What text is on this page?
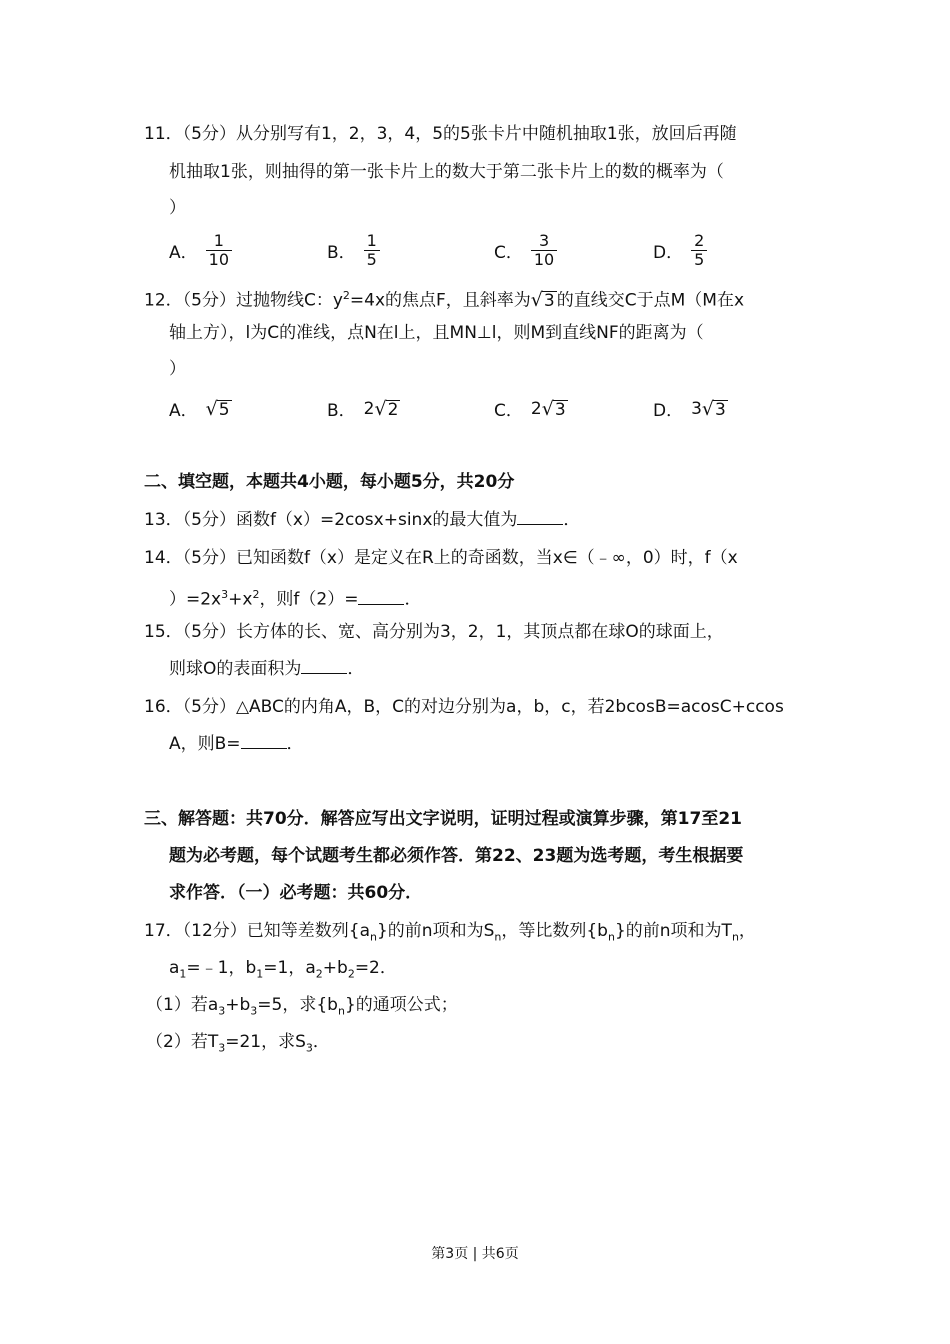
11．（5分）从分别写有1，2，3，4，5的5张卡片中随机抽取1张，放回后再随
机抽取1张，则抽得的第一张卡片上的数大于第二张卡片上的数的概率为（
）
A． $\frac{1}{10}$	B． $\frac{1}{5}$	C． $\frac{3}{10}$	D． $\frac{2}{5}$
12．（5分）过抛物线C：$y^2=4x$的焦点F，且斜率为 √ 3 的直线交C于点M（M在x
轴上方），l为C的准线，点N在l上，且MN⊥l，则M到直线NF的距离为（
）
A． √ 5	B． 2 √ 2	C． 2 √ 3	D． 3 √ 3
二、填空题，本题共4小题，每小题5分，共20分
13．（5分）函数f（x）=2cosx+sinx的最大值为	．
14．（5分）已知函数f（x）是定义在R上的奇函数，当x∈（﹣∞，0）时，f（x
）$=2x^3+x^2$，则f（2）=	．
15．（5分）长方体的长、宽、高分别为3，2，1，其顶点都在球O的球面上，
则球O的表面积为	．
16．（5分）△ABC的内角A，B，C的对边分别为a，b，c，若2bcosB=acosC+ccos
A，则B=	．
三、解答题：共70分．解答应写出文字说明，证明过程或演算步骤，第17至21
题为必考题，每个试题考生都必须作答．第22、23题为选考题，考生根据要
求作答．（一）必考题：共60分．
17．（12分）已知等差数列$\{a_n\}$的前n项和为$S_n$，等比数列$\{b_n\}$的前n项和为$T_n$，
$a_1=﹣1$，$b_1=1$，$a_2+b_2=2$．
（1）若$a_3+b_3=5$，求$\{b_n\}$的通项公式；
（2）若$T_3=21$，求$S_3$．
第3页 | 共6页
